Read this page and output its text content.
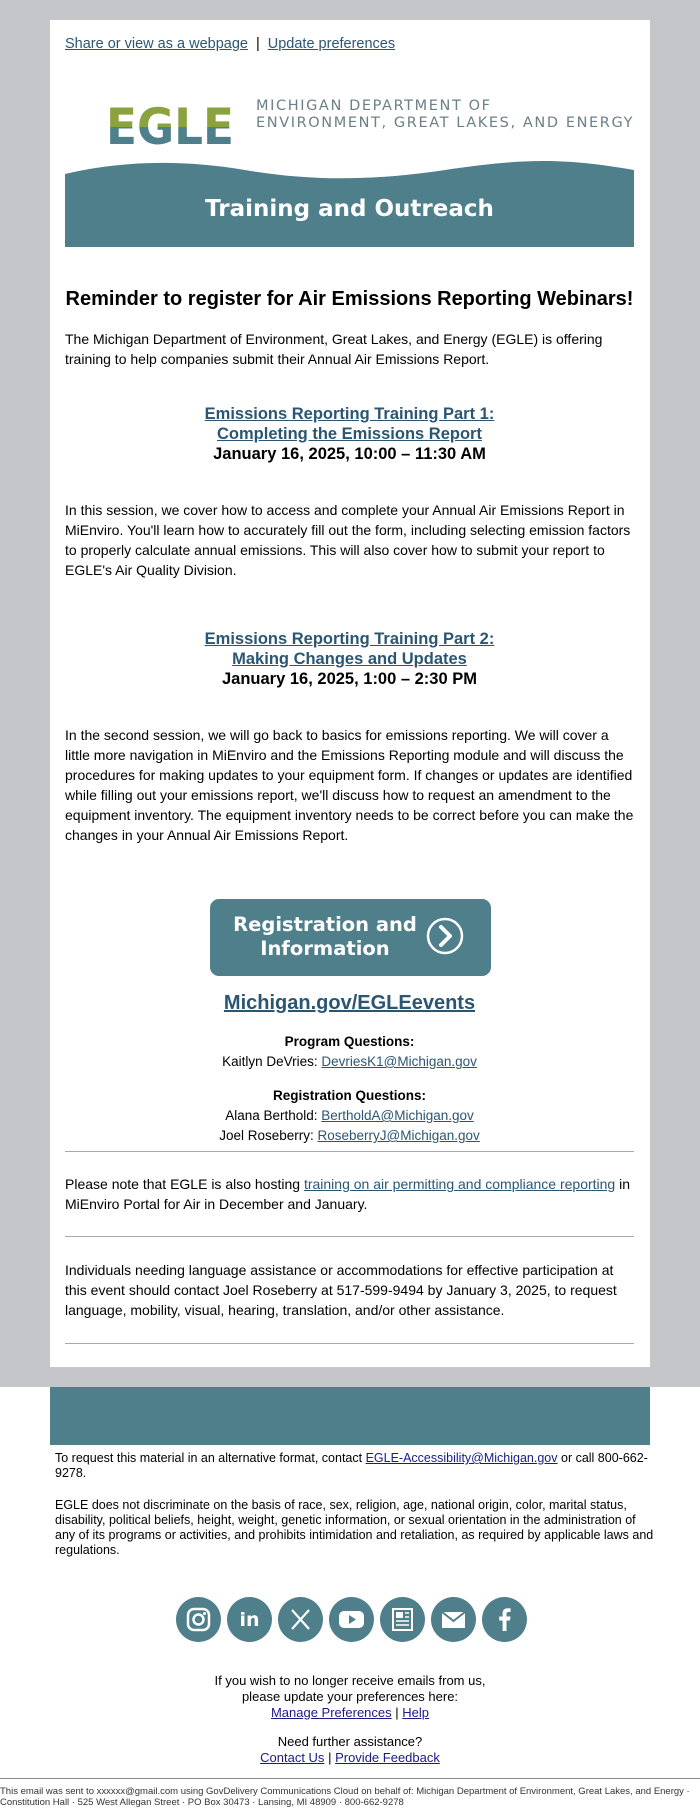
Share or view as a webpage | Update preferences
EGLE MICHIGAN DEPARTMENT OF
ENVIRONMENT, GREAT LAKES, AND ENERGY
Training and Outreach
Reminder to register for Air Emissions Reporting Webinars!

The Michigan Department of Environment, Great Lakes, and Energy (EGLE) is offering training to help companies submit their Annual Air Emissions Report.

Emissions Reporting Training Part 1:
Completing the Emissions Report
January 16, 2025, 10:00 – 11:30 AM

In this session, we cover how to access and complete your Annual Air Emissions Report in MiEnviro. You'll learn how to accurately fill out the form, including selecting emission factors to properly calculate annual emissions. This will also cover how to submit your report to EGLE's Air Quality Division.

Emissions Reporting Training Part 2:
Making Changes and Updates
January 16, 2025, 1:00 – 2:30 PM

In the second session, we will go back to basics for emissions reporting. We will cover a little more navigation in MiEnviro and the Emissions Reporting module and will discuss the procedures for making updates to your equipment form. If changes or updates are identified while filling out your emissions report, we'll discuss how to request an amendment to the equipment inventory. The equipment inventory needs to be correct before you can make the changes in your Annual Air Emissions Report.

Registration and
Information
Michigan.gov/EGLEevents
Program Questions:
Kaitlyn DeVries: DevriesK1@Michigan.gov
Registration Questions:
Alana Berthold: BertholdA@Michigan.gov
Joel Roseberry: RoseberryJ@Michigan.gov

Please note that EGLE is also hosting training on air permitting and compliance reporting in MiEnviro Portal for Air in December and January.

Individuals needing language assistance or accommodations for effective participation at this event should contact Joel Roseberry at 517-599-9494 by January 3, 2025, to request language, mobility, visual, hearing, translation, and/or other assistance.

To request this material in an alternative format, contact EGLE-Accessibility@Michigan.gov or call 800-662-9278.

EGLE does not discriminate on the basis of race, sex, religion, age, national origin, color, marital status, disability, political beliefs, height, weight, genetic information, or sexual orientation in the administration of any of its programs or activities, and prohibits intimidation and retaliation, as required by applicable laws and regulations.

in
If you wish to no longer receive emails from us,
please update your preferences here:
Manage Preferences | Help
Need further assistance?
Contact Us | Provide Feedback
This email was sent to xxxxxx@gmail.com using GovDelivery Communications Cloud on behalf of: Michigan Department of Environment, Great Lakes, and Energy · Constitution Hall · 525 West Allegan Street · PO Box 30473 · Lansing, MI 48909 · 800-662-9278
